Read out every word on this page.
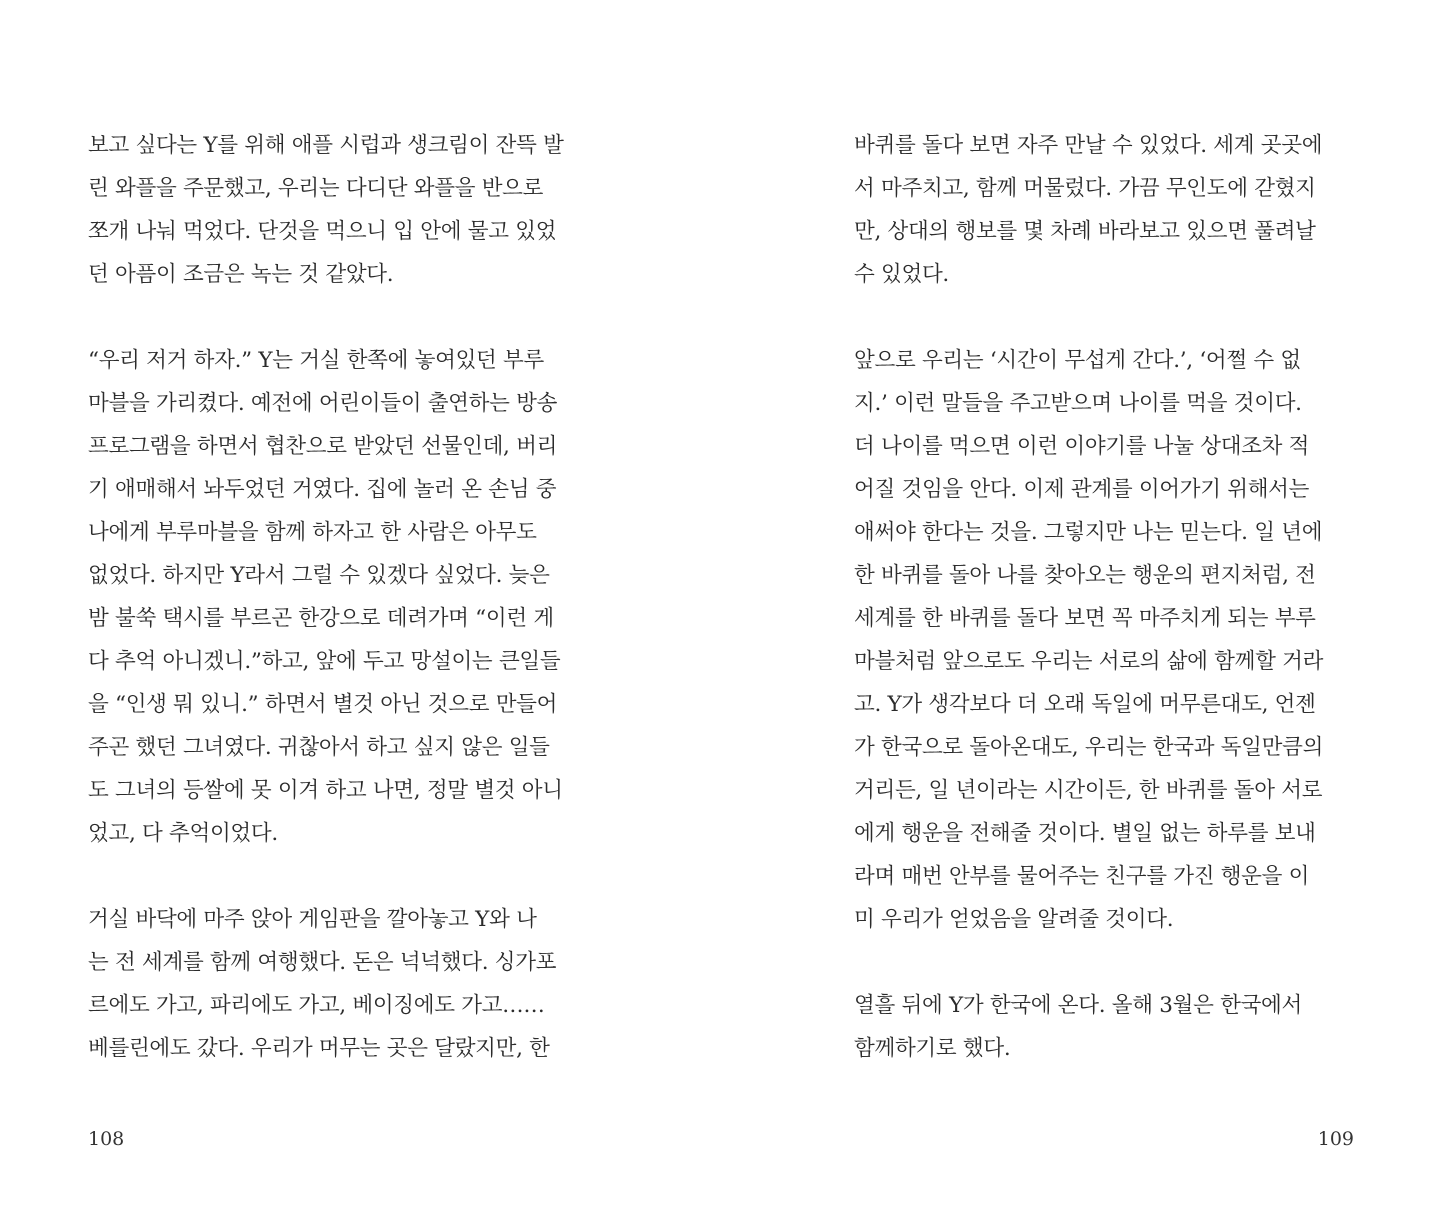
보고 싶다는 Y를 위해 애플 시럽과 생크림이 잔뜩 발
린 와플을 주문했고, 우리는 다디단 와플을 반으로
쪼개 나눠 먹었다. 단것을 먹으니 입 안에 물고 있었
던 아픔이 조금은 녹는 것 같았다.
“우리 저거 하자.” Y는 거실 한쪽에 놓여있던 부루
마블을 가리켰다. 예전에 어린이들이 출연하는 방송
프로그램을 하면서 협찬으로 받았던 선물인데, 버리
기 애매해서 놔두었던 거였다. 집에 놀러 온 손님 중
나에게 부루마블을 함께 하자고 한 사람은 아무도
없었다. 하지만 Y라서 그럴 수 있겠다 싶었다. 늦은
밤 불쑥 택시를 부르곤 한강으로 데려가며 “이런 게
다 추억 아니겠니.”하고, 앞에 두고 망설이는 큰일들
을 “인생 뭐 있니.” 하면서 별것 아닌 것으로 만들어
주곤 했던 그녀였다. 귀찮아서 하고 싶지 않은 일들
도 그녀의 등쌀에 못 이겨 하고 나면, 정말 별것 아니
었고, 다 추억이었다.
거실 바닥에 마주 앉아 게임판을 깔아놓고 Y와 나
는 전 세계를 함께 여행했다. 돈은 넉넉했다. 싱가포
르에도 가고, 파리에도 가고, 베이징에도 가고……
베를린에도 갔다. 우리가 머무는 곳은 달랐지만, 한
108
바퀴를 돌다 보면 자주 만날 수 있었다. 세계 곳곳에
서 마주치고, 함께 머물렀다. 가끔 무인도에 갇혔지
만, 상대의 행보를 몇 차례 바라보고 있으면 풀려날
수 있었다.
앞으로 우리는 ‘시간이 무섭게 간다.’, ‘어쩔 수 없
지.’ 이런 말들을 주고받으며 나이를 먹을 것이다.
더 나이를 먹으면 이런 이야기를 나눌 상대조차 적
어질 것임을 안다. 이제 관계를 이어가기 위해서는
애써야 한다는 것을. 그렇지만 나는 믿는다. 일 년에
한 바퀴를 돌아 나를 찾아오는 행운의 편지처럼, 전
세계를 한 바퀴를 돌다 보면 꼭 마주치게 되는 부루
마블처럼 앞으로도 우리는 서로의 삶에 함께할 거라
고. Y가 생각보다 더 오래 독일에 머무른대도, 언젠
가 한국으로 돌아온대도, 우리는 한국과 독일만큼의
거리든, 일 년이라는 시간이든, 한 바퀴를 돌아 서로
에게 행운을 전해줄 것이다. 별일 없는 하루를 보내
라며 매번 안부를 물어주는 친구를 가진 행운을 이
미 우리가 얻었음을 알려줄 것이다.
열흘 뒤에 Y가 한국에 온다. 올해 3월은 한국에서
함께하기로 했다.
109
